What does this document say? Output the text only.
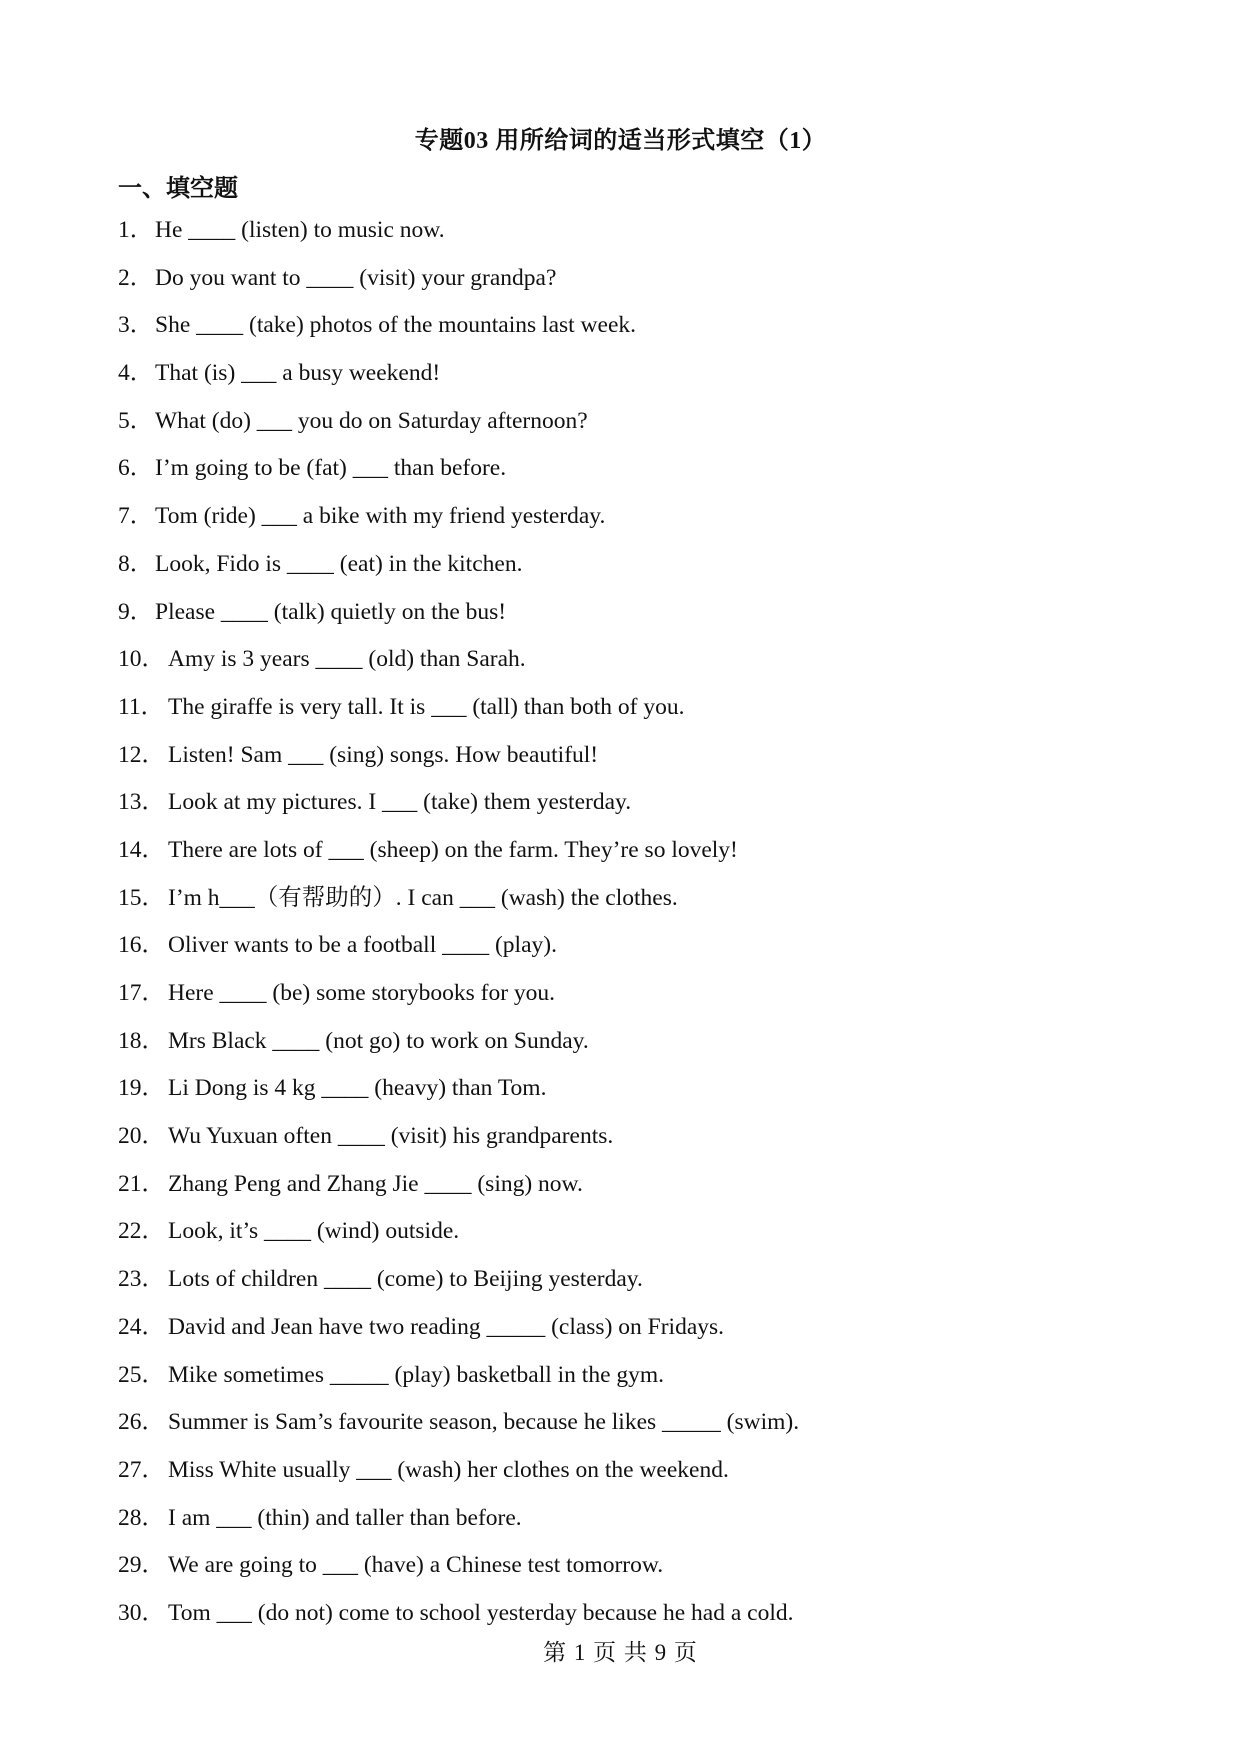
专题03 用所给词的适当形式填空（1）
一、填空题
1． He ____ (listen) to music now.
2． Do you want to ____ (visit) your grandpa?
3． She ____ (take) photos of the mountains last week.
4． That (is) ___ a busy weekend!
5． What (do) ___ you do on Saturday afternoon?
6． I’m going to be (fat) ___ than before.
7． Tom (ride) ___ a bike with my friend yesterday.
8． Look, Fido is ____ (eat) in the kitchen.
9． Please ____ (talk) quietly on the bus!
10． Amy is 3 years ____ (old) than Sarah.
11． The giraffe is very tall. It is ___ (tall) than both of you.
12． Listen! Sam ___ (sing) songs. How beautiful!
13． Look at my pictures. I ___ (take) them yesterday.
14． There are lots of ___ (sheep) on the farm. They’re so lovely!
15． I’m h___（有帮助的）. I can ___ (wash) the clothes.
16． Oliver wants to be a football ____ (play).
17． Here ____ (be) some storybooks for you.
18． Mrs Black ____ (not go) to work on Sunday.
19． Li Dong is 4 kg ____ (heavy) than Tom.
20． Wu Yuxuan often ____ (visit) his grandparents.
21． Zhang Peng and Zhang Jie ____ (sing) now.
22． Look, it’s ____ (wind) outside.
23． Lots of children ____ (come) to Beijing yesterday.
24． David and Jean have two reading _____ (class) on Fridays.
25． Mike sometimes _____ (play) basketball in the gym.
26． Summer is Sam’s favourite season, because he likes _____ (swim).
27． Miss White usually ___ (wash) her clothes on the weekend.
28． I am ___ (thin) and taller than before.
29． We are going to ___ (have) a Chinese test tomorrow.
30． Tom ___ (do not) come to school yesterday because he had a cold.
第 1 页 共 9 页
